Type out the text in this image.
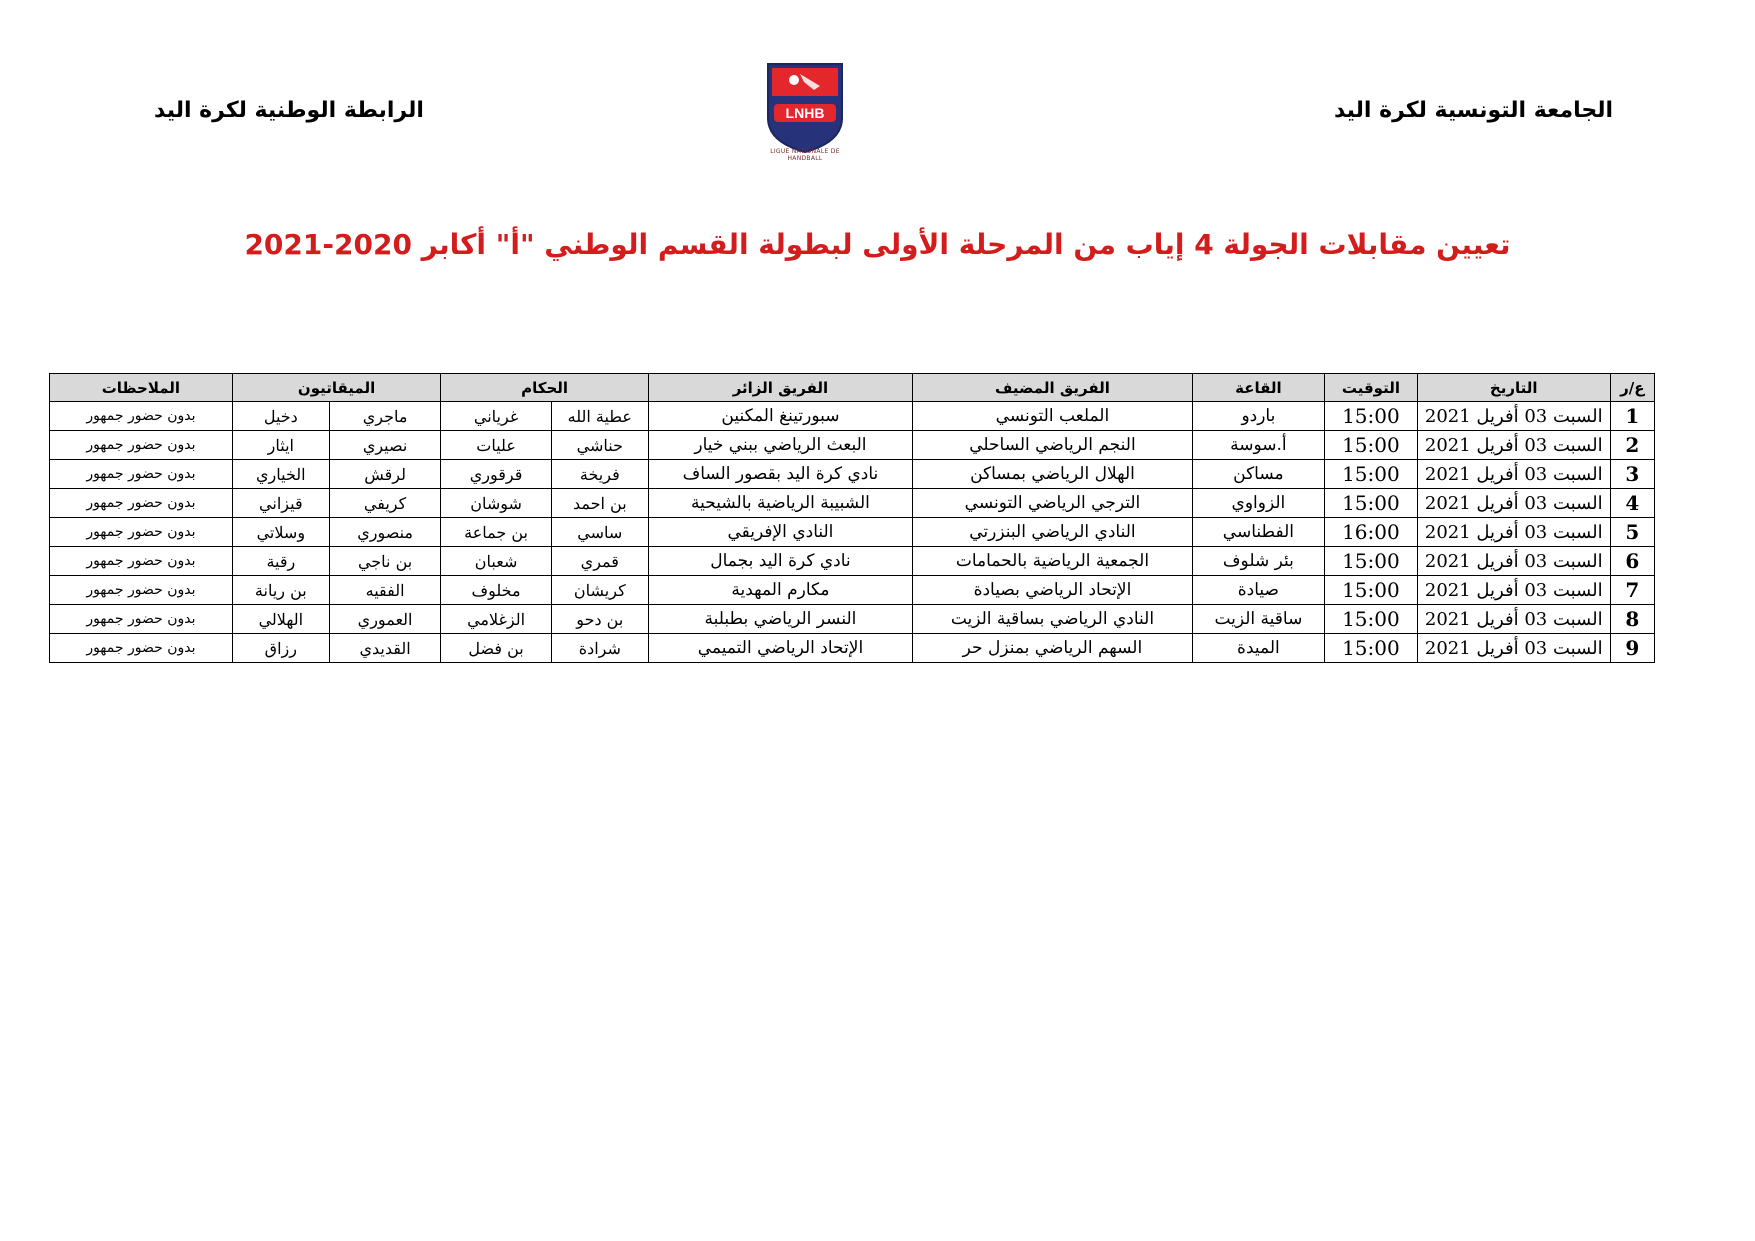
الجامعة التونسية لكرة اليد
الرابطة الوطنية لكرة اليد	LNHB
LIGUE NATIONALE DE HANDBALL
تعيين مقابلات الجولة 4 إياب من المرحلة الأولى لبطولة القسم الوطني "أ" أكابر 2020-2021
ع/ر	التاريخ	التوقيت	القاعة	الفريق المضيف	الفريق الزائر	الحكام		الميقاتيون		الملاحظات
1	السبت 03 أفريل 2021	15:00	باردو	الملعب التونسي	سبورتينغ المكنين	عطية الله	غرياني	ماجري	دخيل	بدون حضور جمهور
2	السبت 03 أفريل 2021	15:00	أ.سوسة	النجم الرياضي الساحلي	البعث الرياضي ببني خيار	حناشي	عليات	نصيري	ايثار	بدون حضور جمهور
3	السبت 03 أفريل 2021	15:00	مساكن	الهلال الرياضي بمساكن	نادي كرة اليد بقصور الساف	فريخة	قرقوري	لرقش	الخياري	بدون حضور جمهور
4	السبت 03 أفريل 2021	15:00	الزواوي	الترجي الرياضي التونسي	الشبيبة الرياضية بالشيحية	بن احمد	شوشان	كريفي	قيزاني	بدون حضور جمهور
5	السبت 03 أفريل 2021	16:00	الفطناسي	النادي الرياضي البنزرتي	النادي الإفريقي	ساسي	بن جماعة	منصوري	وسلاتي	بدون حضور جمهور
6	السبت 03 أفريل 2021	15:00	بئر شلوف	الجمعية الرياضية بالحمامات	نادي كرة اليد بجمال	قمري	شعبان	بن ناجي	رقية	بدون حضور جمهور
7	السبت 03 أفريل 2021	15:00	صيادة	الإتحاد الرياضي بصيادة	مكارم المهدية	كريشان	مخلوف	الفقيه	بن ريانة	بدون حضور جمهور
8	السبت 03 أفريل 2021	15:00	ساقية الزيت	النادي الرياضي بساقية الزيت	النسر الرياضي بطبلبة	بن دحو	الزغلامي	العموري	الهلالي	بدون حضور جمهور
9	السبت 03 أفريل 2021	15:00	الميدة	السهم الرياضي بمنزل حر	الإتحاد الرياضي التميمي	شرادة	بن فضل	القديدي	رزاق	بدون حضور جمهور
